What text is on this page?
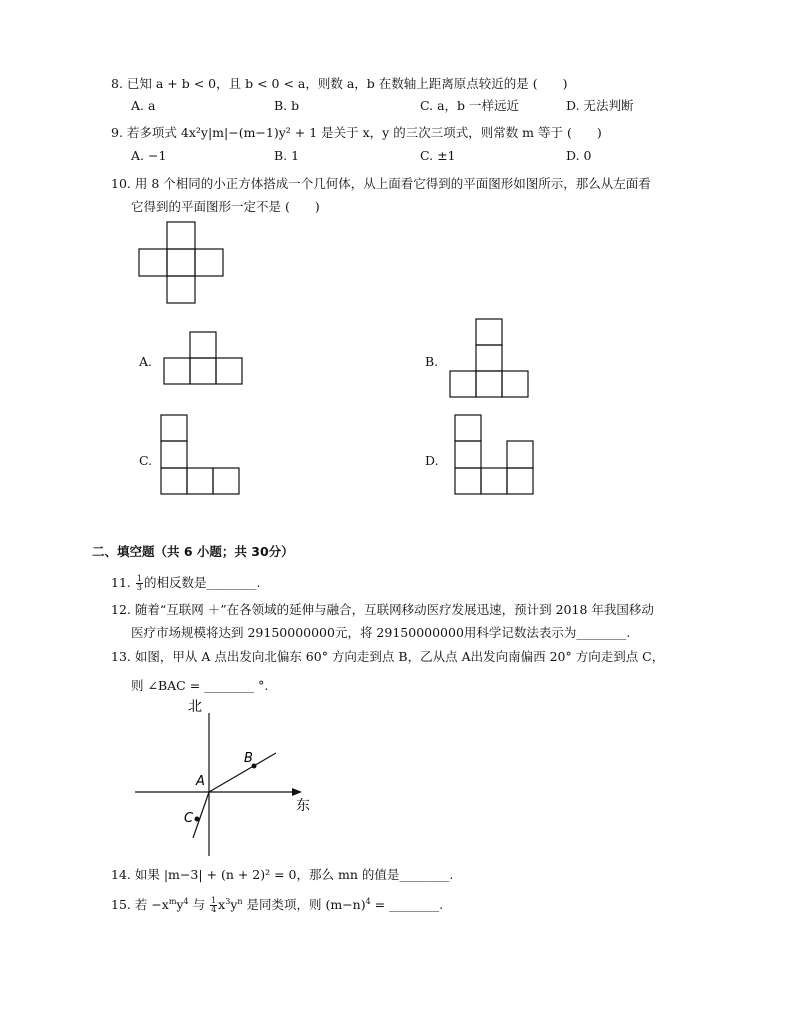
8. 已知 a + b < 0，且 b < 0 < a，则数 a，b 在数轴上距离原点较近的是 (　　)
A. a	B. b	C. a，b 一样远近	D. 无法判断
9. 若多项式 4x²y|m|−(m−1)y² + 1 是关于 x，y 的三次三项式，则常数 m 等于 (　　)
A. −1	B. 1	C. ±1	D. 0
10. 用 8 个相同的小正方体搭成一个几何体，从上面看它得到的平面图形如图所示，那么从左面看
它得到的平面图形一定不是 (　　)
A.	B.
C.	D.
二、填空题（共 6 小题；共 30分）
11. $\frac{1}{3}$ 的相反数是________.
12. 随着“互联网 ＋”在各领域的延伸与融合，互联网移动医疗发展迅速，预计到 2018 年我国移动
医疗市场规模将达到 29150000000元，将 29150000000用科学记数法表示为________.
13. 如图，甲从 A 点出发向北偏东 60° 方向走到点 B，乙从点 A出发向南偏西 20° 方向走到点 C，
则 ∠BAC = ________ °.
北
东
A
B
C
14. 如果 |m−3| + (n + 2)² = 0，那么 mn 的值是________.
15. 若 $-x^my^4$ 与 $\frac{1}{4} x^3y^n$ 是同类项，则 $(m-n)^4$ = ________.
